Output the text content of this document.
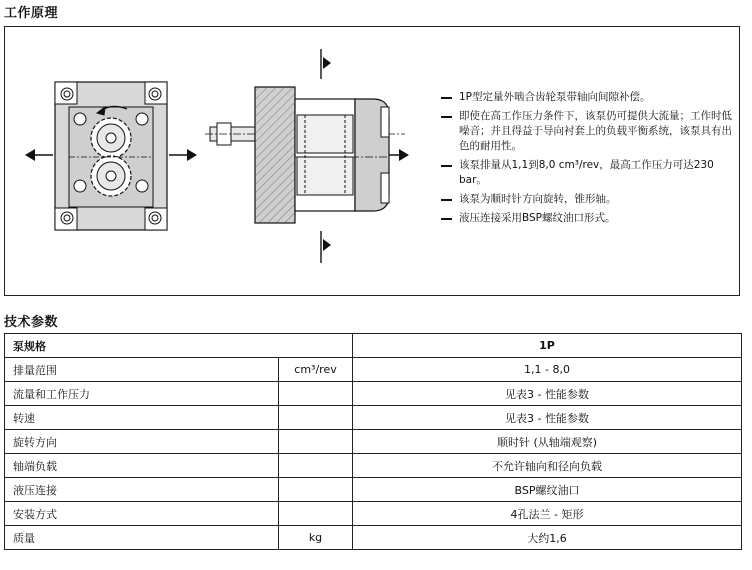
工作原理
1P型定量外啮合齿轮泵带轴向间隙补偿。
即使在高工作压力条件下，该泵仍可提供大流量；工作时低噪音；并且得益于导向衬套上的负载平衡系统，该泵具有出色的耐用性。
该泵排量从1,1到8,0 cm³/rev，最高工作压力可达230 bar。
该泵为顺时针方向旋转，锥形轴。
液压连接采用BSP螺纹油口形式。
技术参数
泵规格		1P
排量范围	cm³/rev	1,1 - 8,0
流量和工作压力		见表3 - 性能参数
转速		见表3 - 性能参数
旋转方向		顺时针 (从轴端观察)
轴端负载		不允许轴向和径向负载
液压连接		BSP螺纹油口
安装方式		4孔法兰 - 矩形
质量	kg	大约1,6
